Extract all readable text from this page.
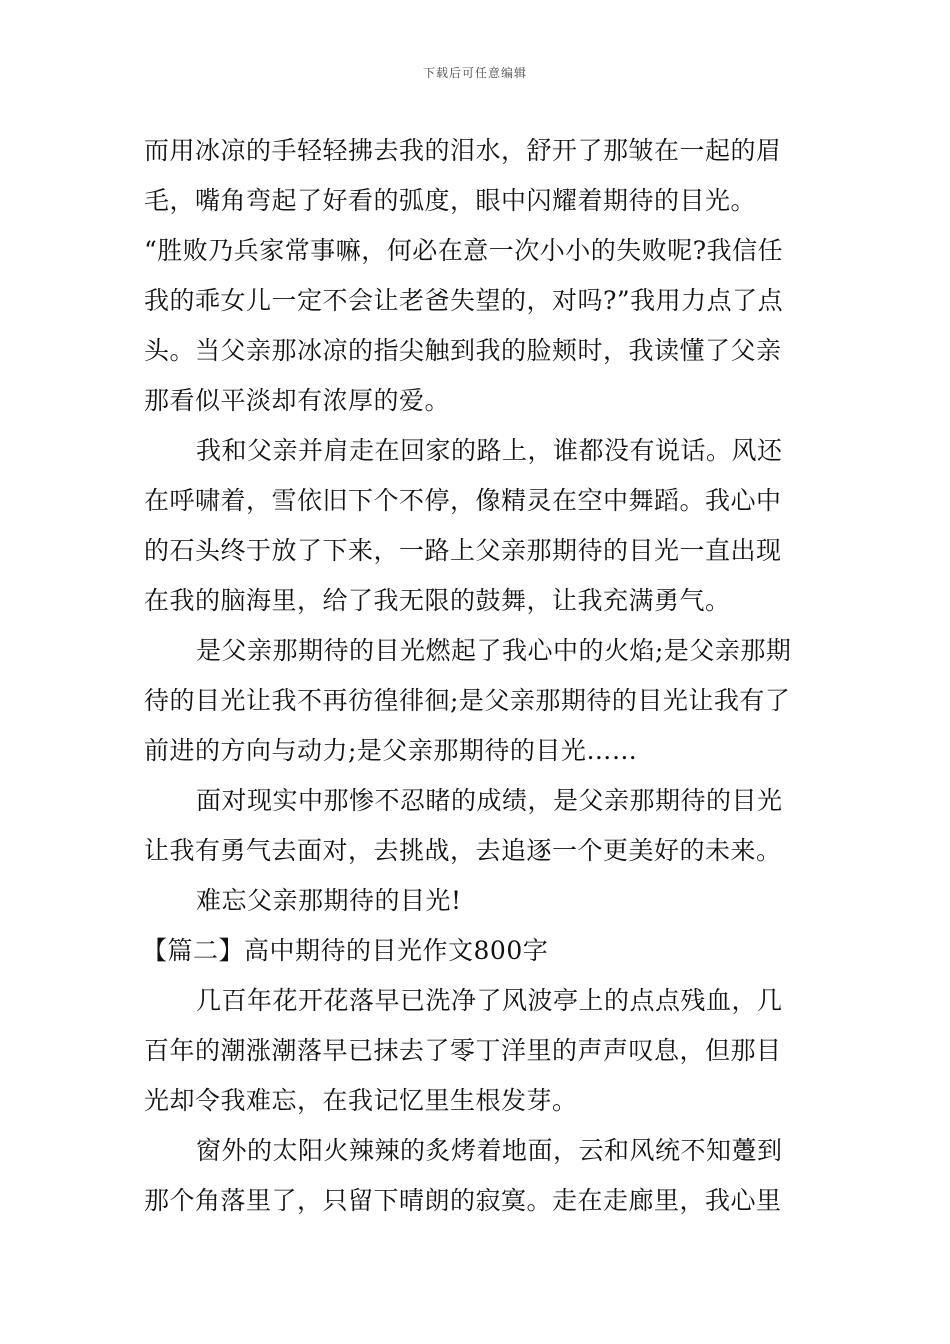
下载后可任意编辑
而用冰凉的手轻轻拂去我的泪水，舒开了那皱在一起的眉
毛，嘴角弯起了好看的弧度，眼中闪耀着期待的目光。
“胜败乃兵家常事嘛，何必在意一次小小的失败呢?我信任
我的乖女儿一定不会让老爸失望的，对吗?”我用力点了点
头。当父亲那冰凉的指尖触到我的脸颊时，我读懂了父亲
那看似平淡却有浓厚的爱。
我和父亲并肩走在回家的路上，谁都没有说话。风还
在呼啸着，雪依旧下个不停，像精灵在空中舞蹈。我心中
的石头终于放了下来，一路上父亲那期待的目光一直出现
在我的脑海里，给了我无限的鼓舞，让我充满勇气。
是父亲那期待的目光燃起了我心中的火焰;是父亲那期
待的目光让我不再彷徨徘徊;是父亲那期待的目光让我有了
前进的方向与动力;是父亲那期待的目光……
面对现实中那惨不忍睹的成绩，是父亲那期待的目光
让我有勇气去面对，去挑战，去追逐一个更美好的未来。
难忘父亲那期待的目光!
【篇二】高中期待的目光作文800字
几百年花开花落早已洗净了风波亭上的点点残血，几
百年的潮涨潮落早已抹去了零丁洋里的声声叹息，但那目
光却令我难忘，在我记忆里生根发芽。
窗外的太阳火辣辣的炙烤着地面，云和风统不知躉到
那个角落里了，只留下晴朗的寂寞。走在走廊里，我心里
